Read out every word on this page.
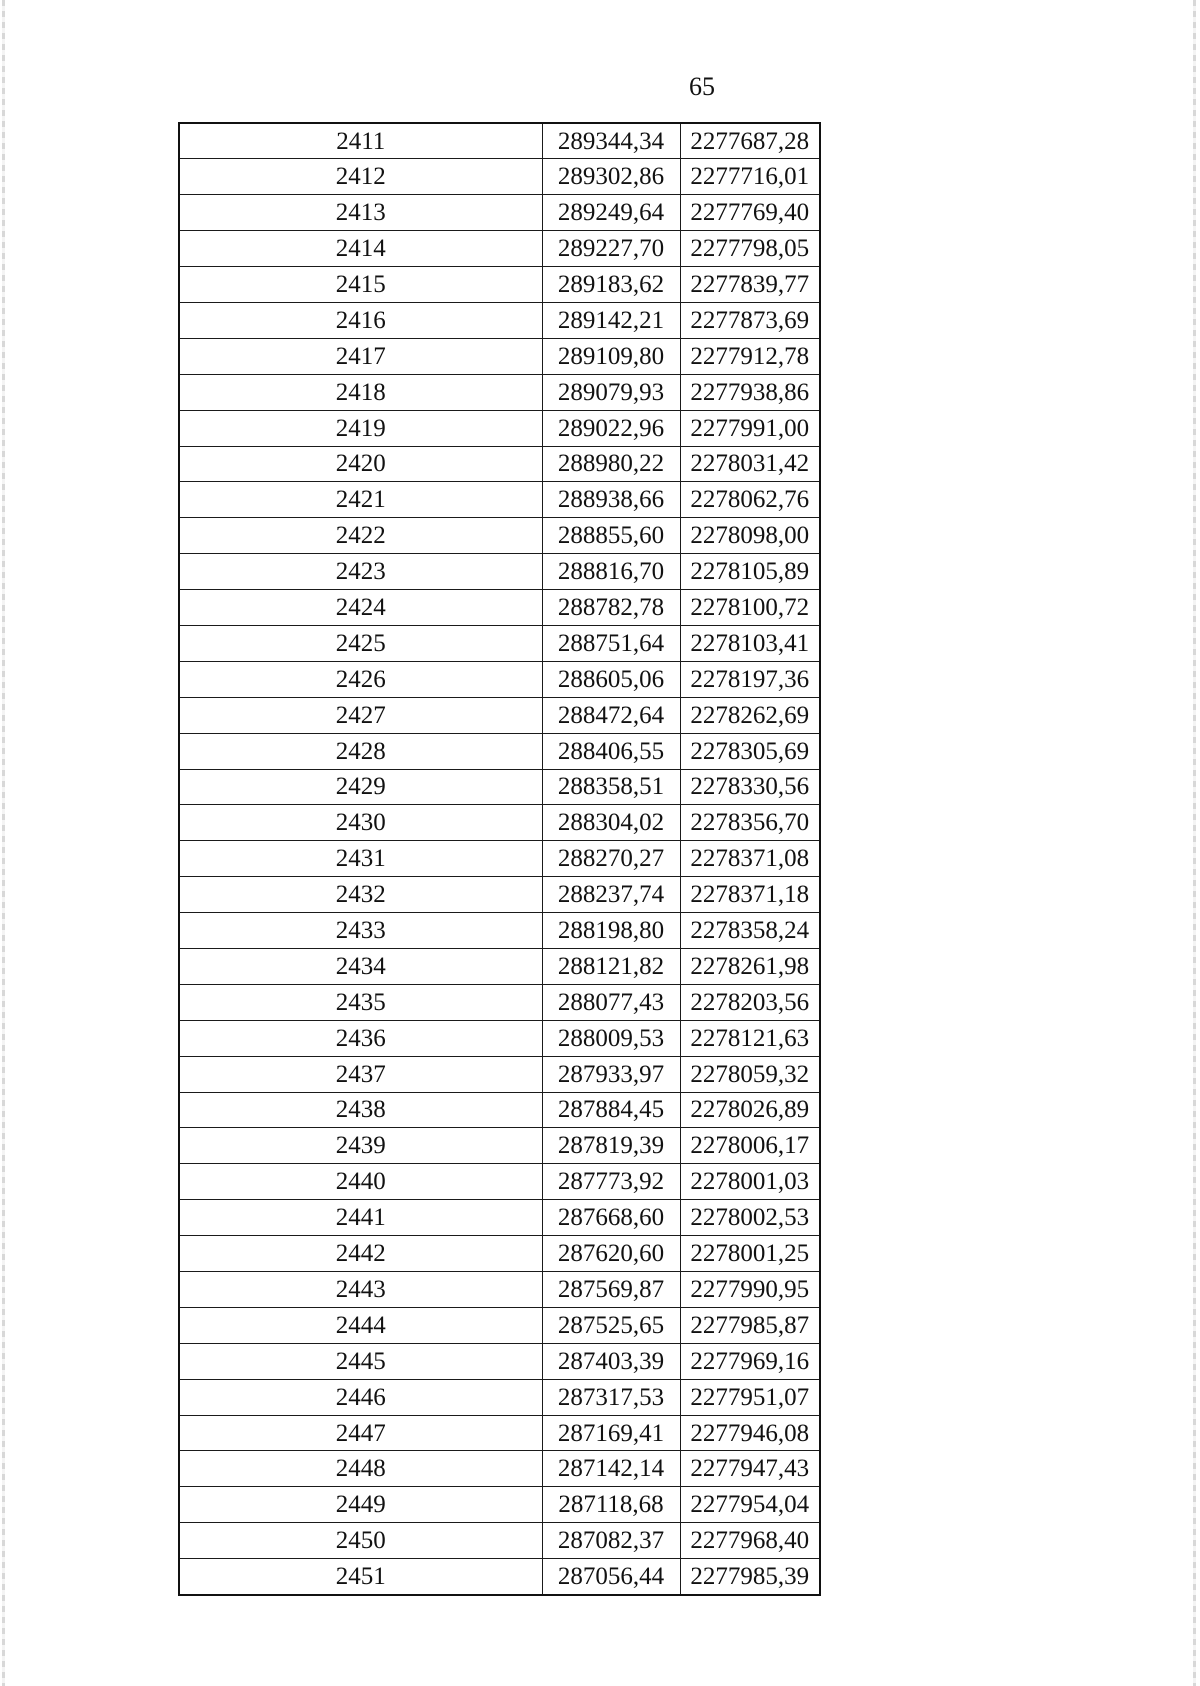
65
2411	289344,34	2277687,28
2412	289302,86	2277716,01
2413	289249,64	2277769,40
2414	289227,70	2277798,05
2415	289183,62	2277839,77
2416	289142,21	2277873,69
2417	289109,80	2277912,78
2418	289079,93	2277938,86
2419	289022,96	2277991,00
2420	288980,22	2278031,42
2421	288938,66	2278062,76
2422	288855,60	2278098,00
2423	288816,70	2278105,89
2424	288782,78	2278100,72
2425	288751,64	2278103,41
2426	288605,06	2278197,36
2427	288472,64	2278262,69
2428	288406,55	2278305,69
2429	288358,51	2278330,56
2430	288304,02	2278356,70
2431	288270,27	2278371,08
2432	288237,74	2278371,18
2433	288198,80	2278358,24
2434	288121,82	2278261,98
2435	288077,43	2278203,56
2436	288009,53	2278121,63
2437	287933,97	2278059,32
2438	287884,45	2278026,89
2439	287819,39	2278006,17
2440	287773,92	2278001,03
2441	287668,60	2278002,53
2442	287620,60	2278001,25
2443	287569,87	2277990,95
2444	287525,65	2277985,87
2445	287403,39	2277969,16
2446	287317,53	2277951,07
2447	287169,41	2277946,08
2448	287142,14	2277947,43
2449	287118,68	2277954,04
2450	287082,37	2277968,40
2451	287056,44	2277985,39
